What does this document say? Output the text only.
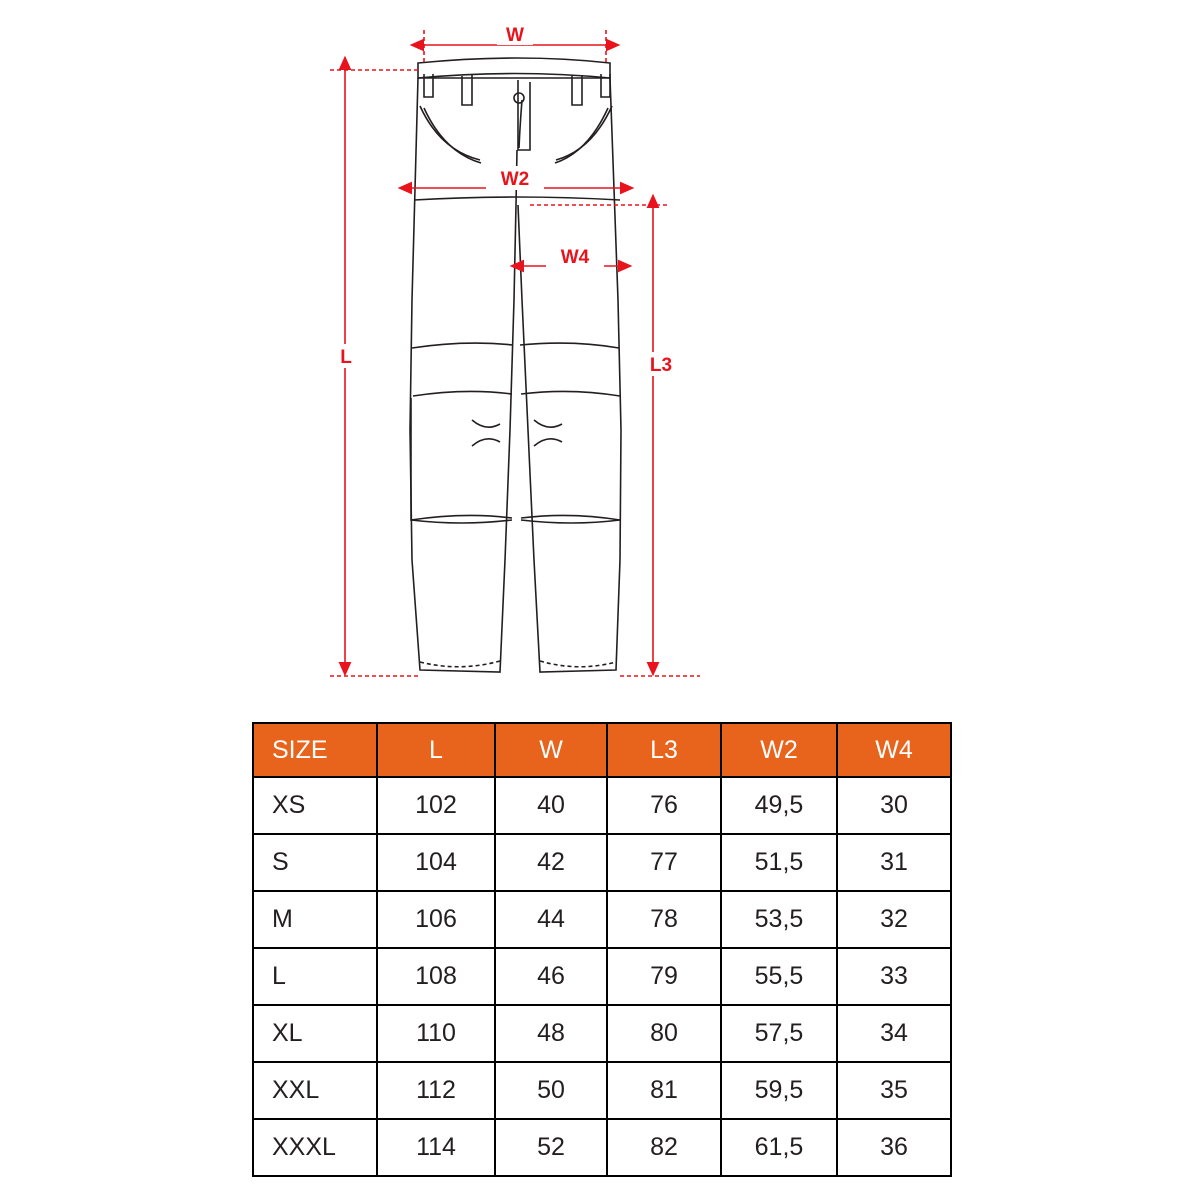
W
W2
W4
L	L3
SIZE	L	W	L3	W2	W4
XS	102	40	76	49,5	30
S	104	42	77	51,5	31
M	106	44	78	53,5	32
L	108	46	79	55,5	33
XL	110	48	80	57,5	34
XXL	112	50	81	59,5	35
XXXL	114	52	82	61,5	36
